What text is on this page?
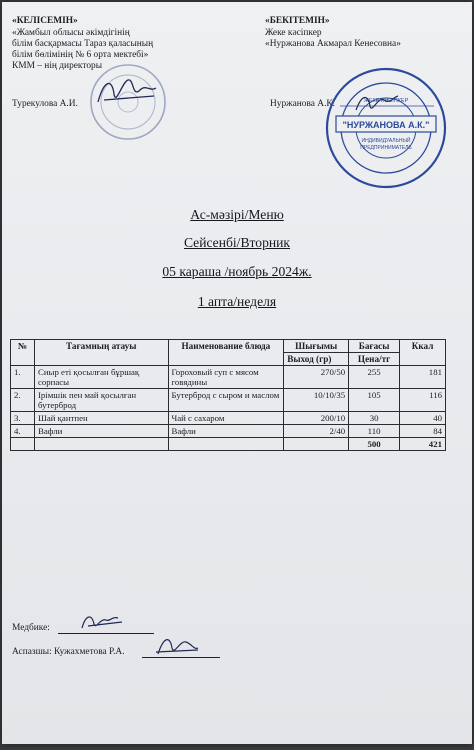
«КЕЛІСЕМІН»
«Жамбыл облысы әкімдігінің
білім басқармасы Тараз қаласының
білім бөлімінің № 6 орта мектебі»
КММ – нің директоры
Турекулова А.И.
«БЕКІТЕМІН»
Жеке кәсіпкер
«Нуржанова Акмарал Кенесовна»
Нуржанова А.К.
"НУРЖАНОВА А.К."
ЖЕКЕ КӘСІПКЕР
ИНДИВИДУАЛЬНЫЙ
ПРЕДПРИНИМАТЕЛЬ
Ас-мәзірі/Меню
Сейсенбі/Вторник
05 караша /ноябрь 2024ж.
1 апта/неделя
№	Тағамның атауы	Наименование блюда	Шығымы	Бағасы	Ккал
			Выход (гр)	Цена/тг	
1.	Сиыр еті қосылған бұршақ сорпасы	Гороховый суп с мясом говядины	270/50	255	181
2.	Ірімшік пен май қосылған бутерброд	Бутерброд с сыром и маслом	10/10/35	105	116
3.	Шай қантпен	Чай с сахаром	200/10	30	40
4.	Вафли	Вафли	2/40	110	84
				500	421
Медбике:
Аспазшы: Кужахметова Р.А.
